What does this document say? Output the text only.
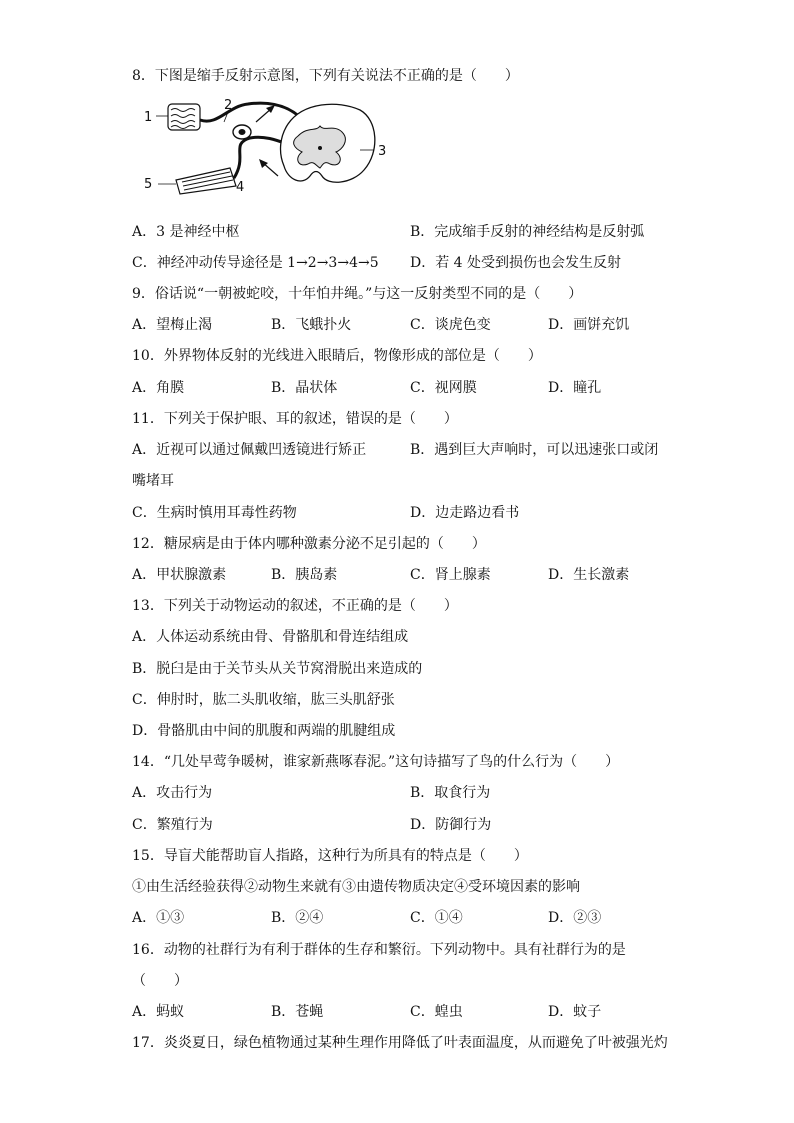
8．下图是缩手反射示意图，下列有关说法不正确的是（　　）
1
2
3
4
5
A．3 是神经中枢	B．完成缩手反射的神经结构是反射弧
C．神经冲动传导途径是 1→2→3→4→5 D．若 4 处受到损伤也会发生反射
9．俗话说“一朝被蛇咬，十年怕井绳。”与这一反射类型不同的是（　　）
A．望梅止渴	B．飞蛾扑火	C．谈虎色变	D．画饼充饥
10．外界物体反射的光线进入眼睛后，物像形成的部位是（　　）
A．角膜	B．晶状体	C．视网膜	D．瞳孔
11．下列关于保护眼、耳的叙述，错误的是（　　）
A．近视可以通过佩戴凹透镜进行矫正	B．遇到巨大声响时，可以迅速张口或闭
嘴堵耳
C．生病时慎用耳毒性药物	D．边走路边看书
12．糖尿病是由于体内哪种激素分泌不足引起的（　　）
A．甲状腺激素	B．胰岛素	C．肾上腺素	D．生长激素
13．下列关于动物运动的叙述，不正确的是（　　）
A．人体运动系统由骨、骨骼肌和骨连结组成
B．脱臼是由于关节头从关节窝滑脱出来造成的
C．伸肘时，肱二头肌收缩，肱三头肌舒张
D．骨骼肌由中间的肌腹和两端的肌腱组成
14．“几处早莺争暖树，谁家新燕啄春泥。”这句诗描写了鸟的什么行为（　　）
A．攻击行为	B．取食行为
C．繁殖行为	D．防御行为
15．导盲犬能帮助盲人指路，这种行为所具有的特点是（　　）
①由生活经验获得②动物生来就有③由遗传物质决定④受环境因素的影响
A．①③	B．②④	C．①④	D．②③
16．动物的社群行为有利于群体的生存和繁衍。下列动物中。具有社群行为的是
（　　）
A．蚂蚁	B．苍蝇	C．蝗虫	D．蚊子
17．炎炎夏日，绿色植物通过某种生理作用降低了叶表面温度，从而避免了叶被强光灼
